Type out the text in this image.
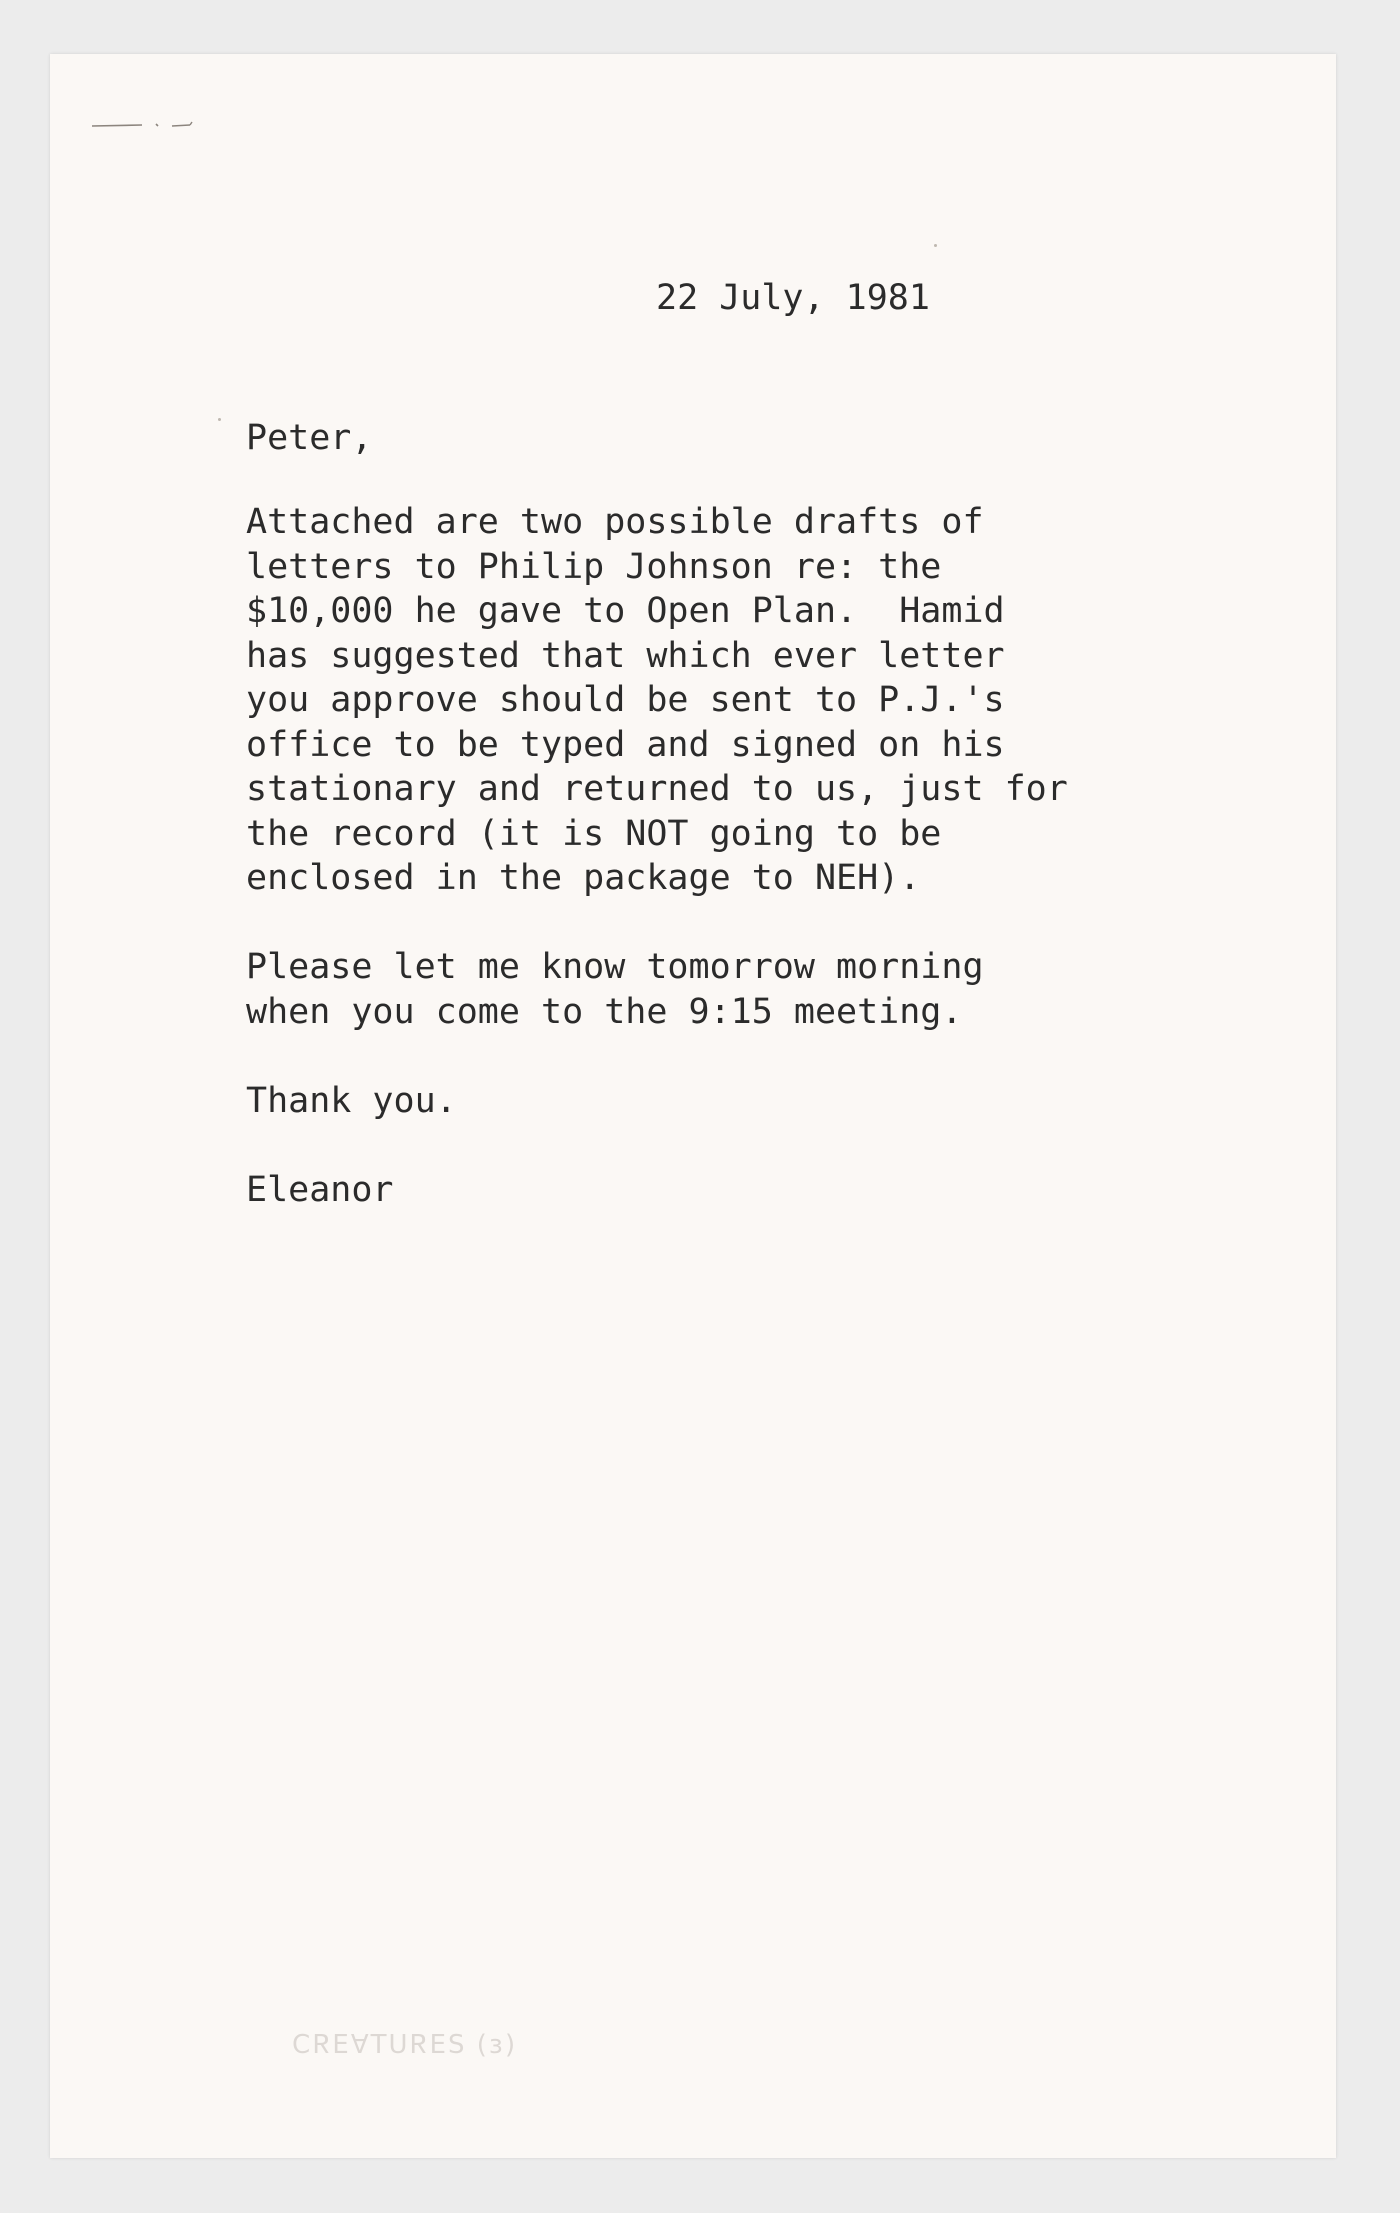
22 July, 1981
Peter,
Attached are two possible drafts of
letters to Philip Johnson re: the
$10,000 he gave to Open Plan.  Hamid
has suggested that which ever letter
you approve should be sent to P.J.'s
office to be typed and signed on his
stationary and returned to us, just for
the record (it is NOT going to be
enclosed in the package to NEH).
Please let me know tomorrow morning
when you come to the 9:15 meeting.
Thank you.
Eleanor
(ɛ) ƧƎЯUTⱯƎЯƆ
